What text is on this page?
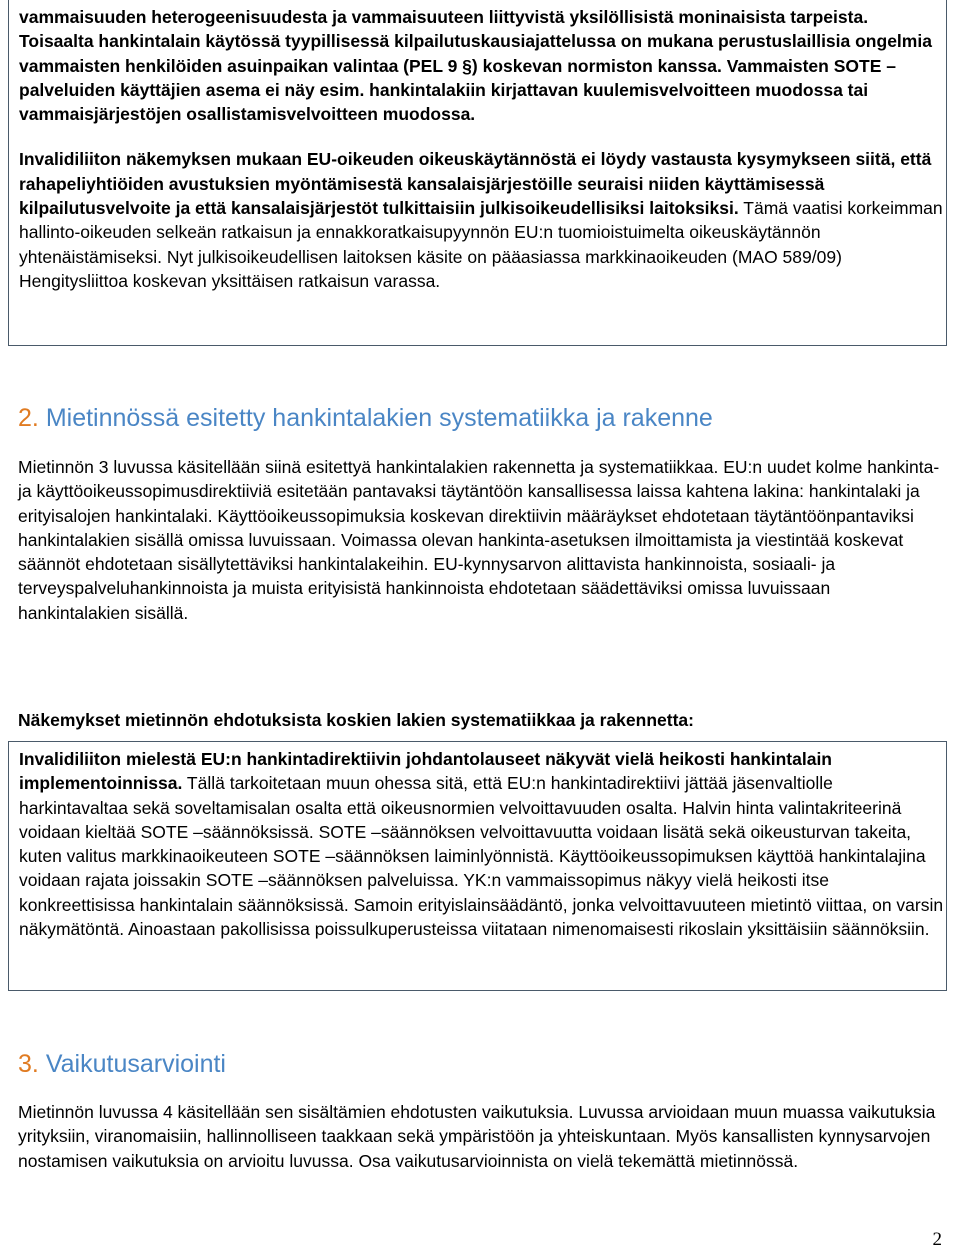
vammaisuuden heterogeenisuudesta ja vammaisuuteen liittyvistä yksilöllisistä moninaisista tarpeista. Toisaalta hankintalain käytössä tyypillisessä kilpailutuskausiajattelussa on mukana perustuslaillisia ongelmia vammaisten henkilöiden asuinpaikan valintaa (PEL 9 §) koskevan normiston kanssa. Vammaisten SOTE –palveluiden käyttäjien asema ei näy esim. hankintalakiin kirjattavan kuulemisvelvoitteen muodossa tai vammaisjärjestöjen osallistamisvelvoitteen muodossa.

Invalidiliiton näkemyksen mukaan EU-oikeuden oikeuskäytännöstä ei löydy vastausta kysymykseen siitä, että rahapeliyhtiöiden avustuksien myöntämisestä kansalaisjärjestöille seuraisi niiden käyttämisessä kilpailutusvelvoite ja että kansalaisjärjestöt tulkittaisiin julkisoikeudellisiksi laitoksiksi. Tämä vaatisi korkeimman hallinto-oikeuden selkeän ratkaisun ja ennakkoratkaisupyynnön EU:n tuomioistuimelta oikeuskäytännön yhtenäistämiseksi. Nyt julkisoikeudellisen laitoksen käsite on pääasiassa markkinaoikeuden (MAO 589/09) Hengitysliittoa koskevan yksittäisen ratkaisun varassa.

2. Mietinnössä esitetty hankintalakien systematiikka ja rakenne

Mietinnön 3 luvussa käsitellään siinä esitettyä hankintalakien rakennetta ja systematiikkaa. EU:n uudet kolme hankinta- ja käyttöoikeussopimusdirektiiviä esitetään pantavaksi täytäntöön kansallisessa laissa kahtena lakina: hankintalaki ja erityisalojen hankintalaki. Käyttöoikeussopimuksia koskevan direktiivin määräykset ehdotetaan täytäntöönpantaviksi hankintalakien sisällä omissa luvuissaan. Voimassa olevan hankinta-asetuksen ilmoittamista ja viestintää koskevat säännöt ehdotetaan sisällytettäviksi hankintalakeihin. EU-kynnysarvon alittavista hankinnoista, sosiaali- ja terveyspalveluhankinnoista ja muista erityisistä hankinnoista ehdotetaan säädettäviksi omissa luvuissaan hankintalakien sisällä.

Näkemykset mietinnön ehdotuksista koskien lakien systematiikkaa ja rakennetta:

Invalidiliiton mielestä EU:n hankintadirektiivin johdantolauseet näkyvät vielä heikosti hankintalain implementoinnissa. Tällä tarkoitetaan muun ohessa sitä, että EU:n hankintadirektiivi jättää jäsenvaltiolle harkintavaltaa sekä soveltamisalan osalta että oikeusnormien velvoittavuuden osalta. Halvin hinta valintakriteerinä voidaan kieltää SOTE –säännöksissä. SOTE –säännöksen velvoittavuutta voidaan lisätä sekä oikeusturvan takeita, kuten valitus markkinaoikeuteen SOTE –säännöksen laiminlyönnistä. Käyttöoikeussopimuksen käyttöä hankintalajina voidaan rajata joissakin SOTE –säännöksen palveluissa. YK:n vammaissopimus näkyy vielä heikosti itse konkreettisissa hankintalain säännöksissä. Samoin erityislainsäädäntö, jonka velvoittavuuteen mietintö viittaa, on varsin näkymätöntä. Ainoastaan pakollisissa poissulkuperusteissa viitataan nimenomaisesti rikoslain yksittäisiin säännöksiin.

3. Vaikutusarviointi

Mietinnön luvussa 4 käsitellään sen sisältämien ehdotusten vaikutuksia. Luvussa arvioidaan muun muassa vaikutuksia yrityksiin, viranomaisiin, hallinnolliseen taakkaan sekä ympäristöön ja yhteiskuntaan. Myös kansallisten kynnysarvojen nostamisen vaikutuksia on arvioitu luvussa. Osa vaikutusarvioinnista on vielä tekemättä mietinnössä.

2
